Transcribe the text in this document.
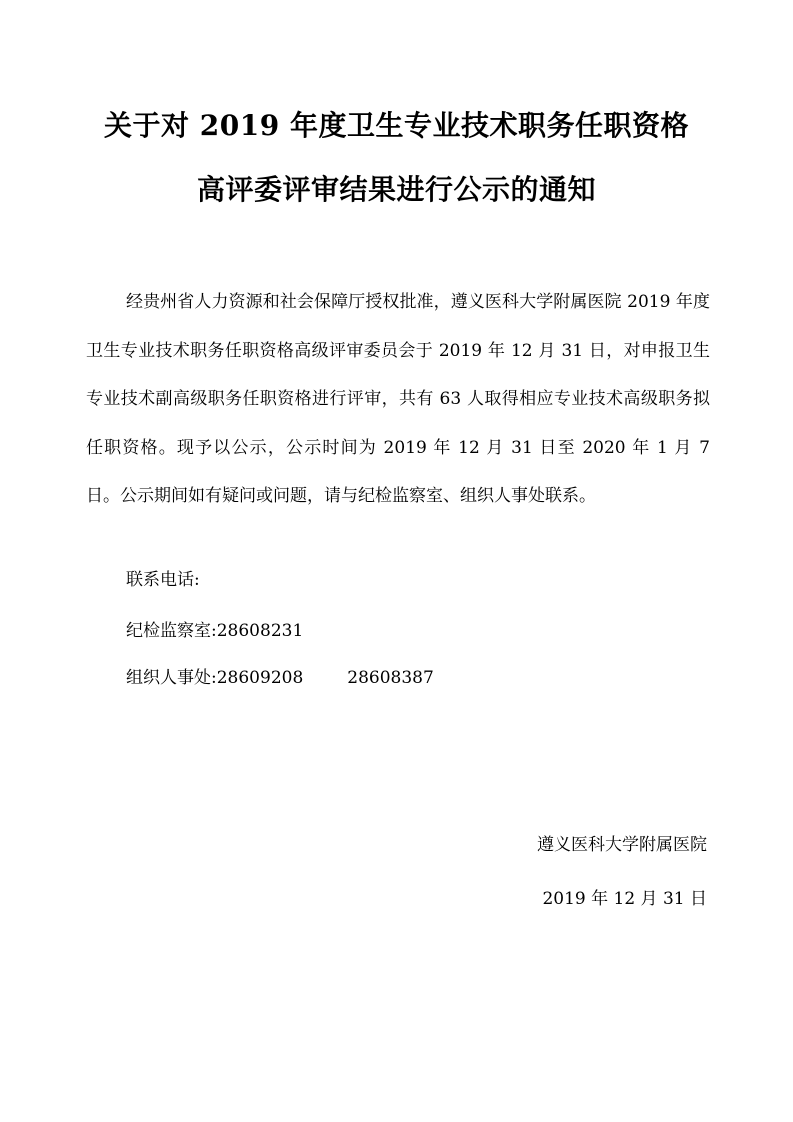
关于对 2019 年度卫生专业技术职务任职资格
高评委评审结果进行公示的通知

经贵州省人力资源和社会保障厅授权批准，遵义医科大学附属医院 2019 年度卫生专业技术职务任职资格高级评审委员会于 2019 年 12 月 31 日，对申报卫生专业技术副高级职务任职资格进行评审，共有 63 人取得相应专业技术高级职务拟任职资格。现予以公示，公示时间为 2019 年 12 月 31 日至 2020 年 1 月 7 日。公示期间如有疑问或问题，请与纪检监察室、组织人事处联系。

联系电话:

纪检监察室:28608231

组织人事处:28609208	28608387

遵义医科大学附属医院

2019 年 12 月 31 日
